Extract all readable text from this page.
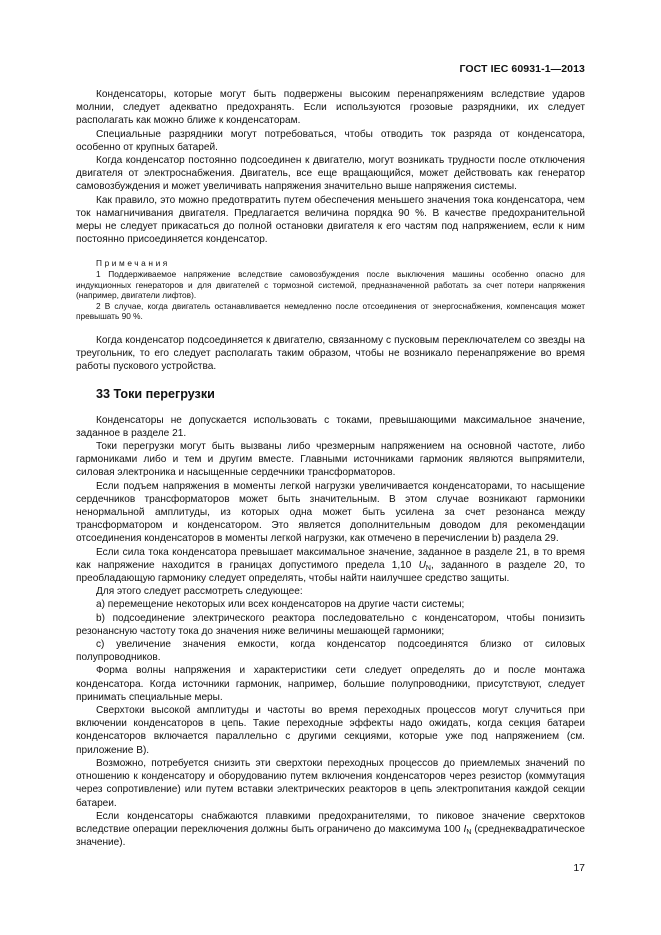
ГОСТ IEC 60931-1—2013

Конденсаторы, которые могут быть подвержены высоким перенапряжениям вследствие ударов молнии, следует адекватно предохранять. Если используются грозовые разрядники, их следует располагать как можно ближе к конденсаторам.

Специальные разрядники могут потребоваться, чтобы отводить ток разряда от конденсатора, особенно от крупных батарей.

Когда конденсатор постоянно подсоединен к двигателю, могут возникать трудности после отключения двигателя от электроснабжения. Двигатель, все еще вращающийся, может действовать как генератор самовозбуждения и может увеличивать напряжения значительно выше напряжения системы.

Как правило, это можно предотвратить путем обеспечения меньшего значения тока конденсатора, чем ток намагничивания двигателя. Предлагается величина порядка 90 %. В качестве предохранительной меры не следует прикасаться до полной остановки двигателя к его частям под напряжением, если к ним постоянно присоединяется конденсатор.

Примечания

1 Поддерживаемое напряжение вследствие самовозбуждения после выключения машины особенно опасно для индукционных генераторов и для двигателей с тормозной системой, предназначенной работать за счет потери напряжения (например, двигатели лифтов).

2 В случае, когда двигатель останавливается немедленно после отсоединения от энергоснабжения, компенсация может превышать 90 %.

Когда конденсатор подсоединяется к двигателю, связанному с пусковым переключателем со звезды на треугольник, то его следует располагать таким образом, чтобы не возникало перенапряжение во время работы пускового устройства.

33 Токи перегрузки

Конденсаторы не допускается использовать с токами, превышающими максимальное значение, заданное в разделе 21.

Токи перегрузки могут быть вызваны либо чрезмерным напряжением на основной частоте, либо гармониками либо и тем и другим вместе. Главными источниками гармоник являются выпрямители, силовая электроника и насыщенные сердечники трансформаторов.

Если подъем напряжения в моменты легкой нагрузки увеличивается конденсаторами, то насыщение сердечников трансформаторов может быть значительным. В этом случае возникают гармоники ненормальной амплитуды, из которых одна может быть усилена за счет резонанса между трансформатором и конденсатором. Это является дополнительным доводом для рекомендации отсоединения конденсаторов в моменты легкой нагрузки, как отмечено в перечислении b) раздела 29.

Если сила тока конденсатора превышает максимальное значение, заданное в разделе 21, в то время как напряжение находится в границах допустимого предела 1,10 $U_N$, заданного в разделе 20, то преобладающую гармонику следует определять, чтобы найти наилучшее средство защиты.

Для этого следует рассмотреть следующее:

a) перемещение некоторых или всех конденсаторов на другие части системы;

b) подсоединение электрического реактора последовательно с конденсатором, чтобы понизить резонансную частоту тока до значения ниже величины мешающей гармоники;

c) увеличение значения емкости, когда конденсатор подсоединятся близко от силовых полупроводников.

Форма волны напряжения и характеристики сети следует определять до и после монтажа конденсатора. Когда источники гармоник, например, большие полупроводники, присутствуют, следует принимать специальные меры.

Сверхтоки высокой амплитуды и частоты во время переходных процессов могут случиться при включении конденсаторов в цепь. Такие переходные эффекты надо ожидать, когда секция батареи конденсаторов включается параллельно с другими секциями, которые уже под напряжением (см. приложение В).

Возможно, потребуется снизить эти сверхтоки переходных процессов до приемлемых значений по отношению к конденсатору и оборудованию путем включения конденсаторов через резистор (коммутация через сопротивление) или путем вставки электрических реакторов в цепь электропитания каждой секции батареи.

Если конденсаторы снабжаются плавкими предохранителями, то пиковое значение сверхтоков вследствие операции переключения должны быть ограничено до максимума 100 $I_N$ (среднеквадратическое значение).

17
